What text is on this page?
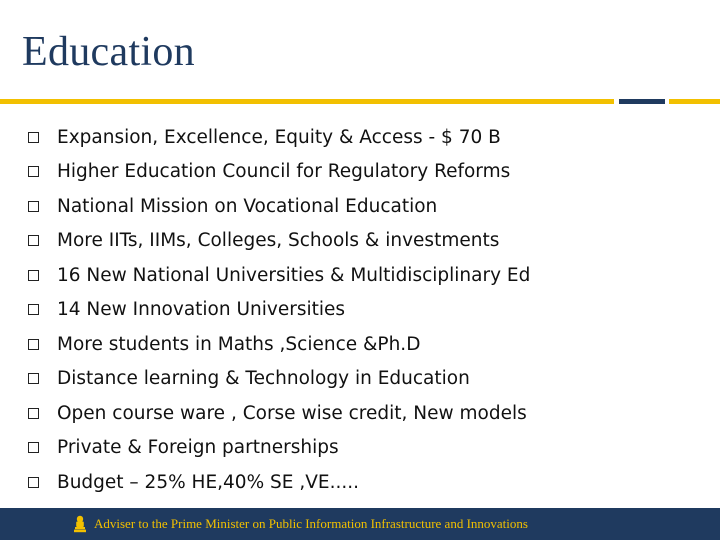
Education
Expansion, Excellence, Equity & Access - $ 70 B
Higher Education Council for Regulatory Reforms
National Mission on Vocational Education
More IITs, IIMs, Colleges, Schools & investments
16 New National Universities & Multidisciplinary Ed
14 New Innovation Universities
More students in Maths ,Science &Ph.D
Distance learning & Technology in Education
Open course ware , Corse wise credit, New models
Private & Foreign partnerships
Budget – 25% HE,40% SE ,VE.....
Adviser to the Prime Minister on Public Information Infrastructure and Innovations
